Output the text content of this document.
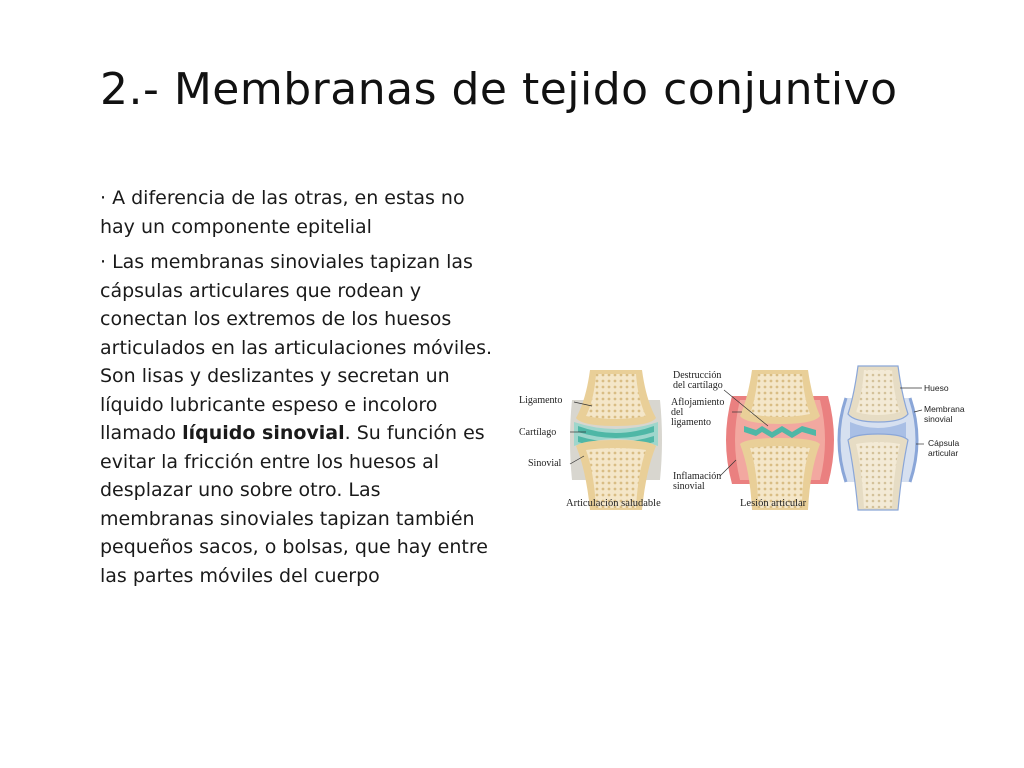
2.- Membranas de tejido conjuntivo

· A diferencia de las otras, en estas no hay un componente epitelial

· Las membranas sinoviales tapizan las cápsulas articulares que rodean y conectan los extremos de los huesos articulados en las articulaciones móviles. Son lisas y deslizantes y secretan un líquido lubricante espeso e incoloro llamado líquido sinovial. Su función es evitar la fricción entre los huesos al desplazar uno sobre otro. Las membranas sinoviales tapizan también pequeños sacos, o bolsas, que hay entre las partes móviles del cuerpo

Ligamento
Cartílago
Sinovial
Articulación saludable
Destrucción
del cartílago
Aflojamiento
del
ligamento
Inflamación
sinovial
Lesión articular
Hueso
Membrana
sinovial
Cápsula
articular
